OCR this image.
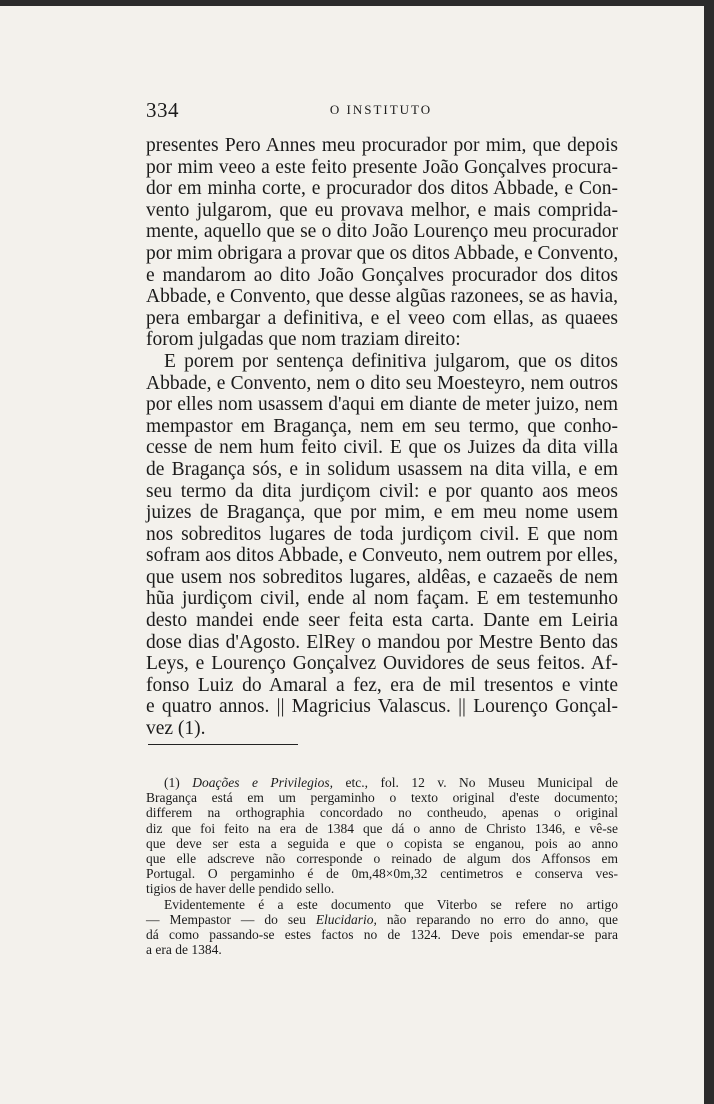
334	O INSTITUTO
presentes Pero Annes meu procurador por mim, que depois
por mim veeo a este feito presente João Gonçalves procura-
dor em minha corte, e procurador dos ditos Abbade, e Con-
vento julgarom, que eu provava melhor, e mais comprida-
mente, aquello que se o dito João Lourenço meu procurador
por mim obrigara a provar que os ditos Abbade, e Convento,
e mandarom ao dito João Gonçalves procurador dos ditos
Abbade, e Convento, que desse algũas razonees, se as havia,
pera embargar a definitiva, e el veeo com ellas, as quaees
forom julgadas que nom traziam direito:
E porem por sentença definitiva julgarom, que os ditos
Abbade, e Convento, nem o dito seu Moesteyro, nem outros
por elles nom usassem d'aqui em diante de meter juizo, nem
mempastor em Bragança, nem em seu termo, que conho-
cesse de nem hum feito civil. E que os Juizes da dita villa
de Bragança sós, e in solidum usassem na dita villa, e em
seu termo da dita jurdiçom civil: e por quanto aos meos
juizes de Bragança, que por mim, e em meu nome usem
nos sobreditos lugares de toda jurdiçom civil. E que nom
sofram aos ditos Abbade, e Conveuto, nem outrem por elles,
que usem nos sobreditos lugares, aldêas, e cazaeẽs de nem
hũa jurdiçom civil, ende al nom façam. E em testemunho
desto mandei ende seer feita esta carta. Dante em Leiria
dose dias d'Agosto. ElRey o mandou por Mestre Bento das
Leys, e Lourenço Gonçalvez Ouvidores de seus feitos. Af-
fonso Luiz do Amaral a fez, era de mil tresentos e vinte
e quatro annos. || Magricius Valascus. || Lourenço Gonçal-
vez (1).
(1) Doações e Privilegios, etc., fol. 12 v. No Museu Municipal de
Bragança está em um pergaminho o texto original d'este documento;
differem na orthographia concordado no contheudo, apenas o original
diz que foi feito na era de 1384 que dá o anno de Christo 1346, e vê-se
que deve ser esta a seguida e que o copista se enganou, pois ao anno
que elle adscreve não corresponde o reinado de algum dos Affonsos em
Portugal. O pergaminho é de 0m,48×0m,32 centimetros e conserva ves-
tigios de haver delle pendido sello.
Evidentemente é a este documento que Viterbo se refere no artigo
— Mempastor — do seu Elucidario, não reparando no erro do anno, que
dá como passando-se estes factos no de 1324. Deve pois emendar-se para
a era de 1384.
